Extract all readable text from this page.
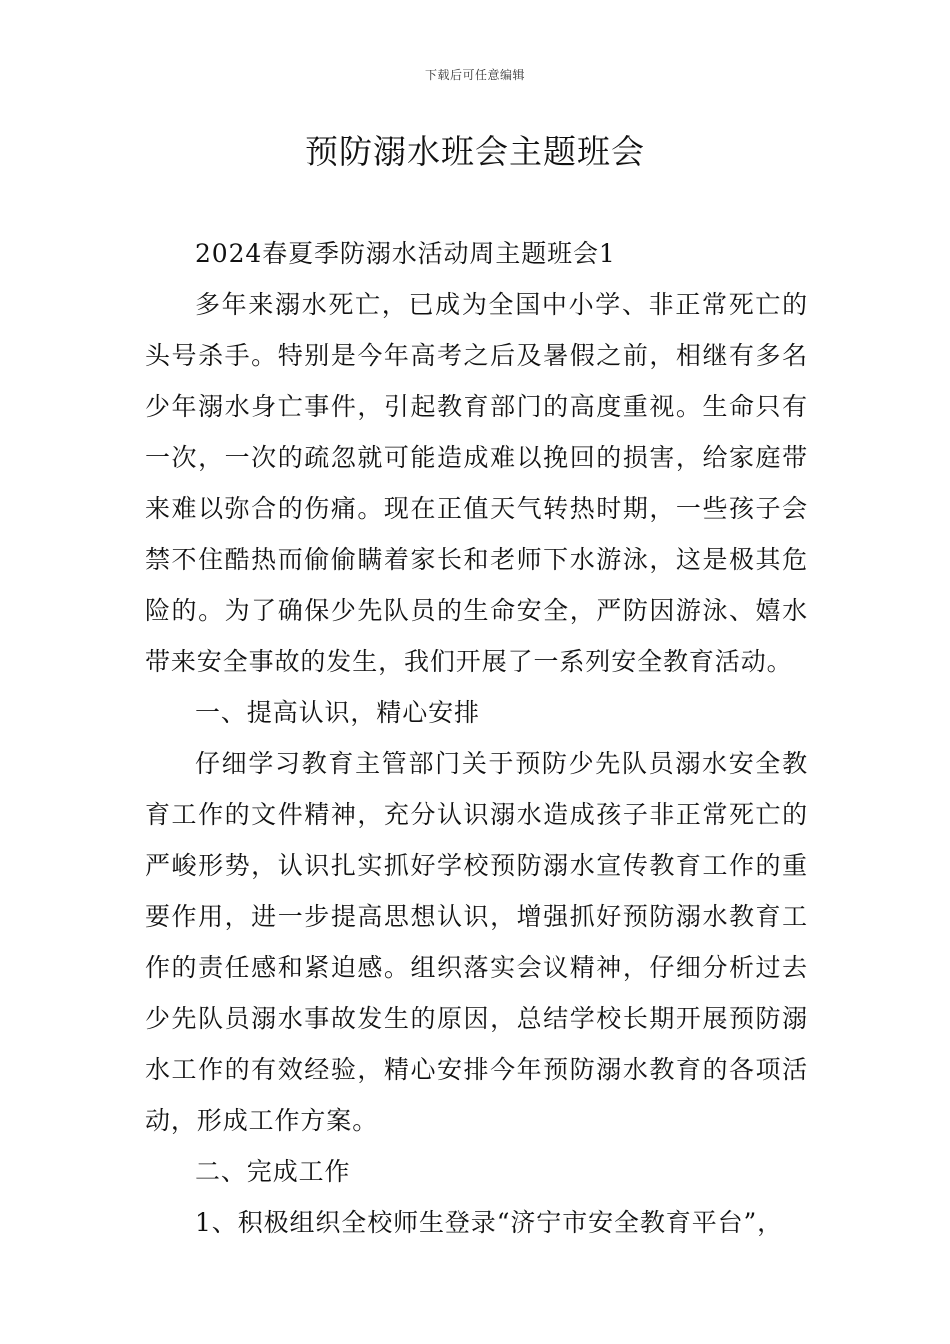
下载后可任意编辑
预防溺水班会主题班会

2024春夏季防溺水活动周主题班会1

多年来溺水死亡，已成为全国中小学、非正常死亡的头号杀手。特别是今年高考之后及暑假之前，相继有多名少年溺水身亡事件，引起教育部门的高度重视。生命只有一次，一次的疏忽就可能造成难以挽回的损害，给家庭带来难以弥合的伤痛。现在正值天气转热时期，一些孩子会禁不住酷热而偷偷瞒着家长和老师下水游泳，这是极其危险的。为了确保少先队员的生命安全，严防因游泳、嬉水带来安全事故的发生，我们开展了一系列安全教育活动。

一、提高认识，精心安排

仔细学习教育主管部门关于预防少先队员溺水安全教育工作的文件精神，充分认识溺水造成孩子非正常死亡的严峻形势，认识扎实抓好学校预防溺水宣传教育工作的重要作用，进一步提高思想认识，增强抓好预防溺水教育工作的责任感和紧迫感。组织落实会议精神，仔细分析过去少先队员溺水事故发生的原因，总结学校长期开展预防溺水工作的有效经验，精心安排今年预防溺水教育的各项活动，形成工作方案。

二、完成工作

1、积极组织全校师生登录“济宁市安全教育平台”，
